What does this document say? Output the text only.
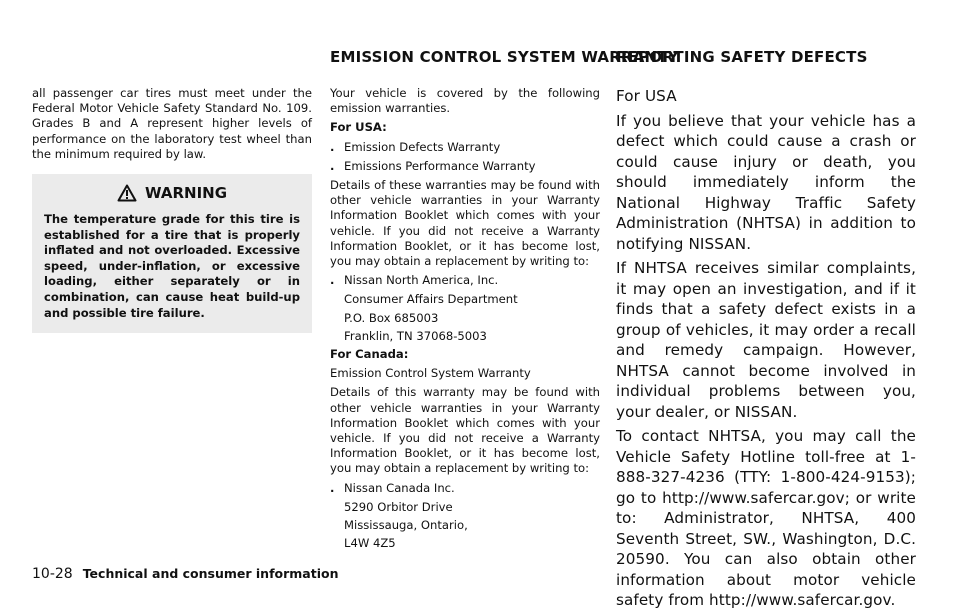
EMISSION CONTROL SYSTEM WARRANTY
REPORTING SAFETY DEFECTS

all passenger car tires must meet under the Federal Motor Vehicle Safety Standard No. 109. Grades B and A represent higher levels of performance on the laboratory test wheel than the minimum required by law.

WARNING

The temperature grade for this tire is established for a tire that is properly inflated and not overloaded. Excessive speed, under-inflation, or excessive loading, either separately or in combination, can cause heat build-up and possible tire failure.

Your vehicle is covered by the following emission warranties.

For USA:

. Emission Defects Warranty
. Emissions Performance Warranty

Details of these warranties may be found with other vehicle warranties in your Warranty Information Booklet which comes with your vehicle. If you did not receive a Warranty Information Booklet, or it has become lost, you may obtain a replacement by writing to:

. Nissan North America, Inc.
Consumer Affairs Department
P.O. Box 685003
Franklin, TN 37068-5003

For Canada:

Emission Control System Warranty

Details of this warranty may be found with other vehicle warranties in your Warranty Information Booklet which comes with your vehicle. If you did not receive a Warranty Information Booklet, or it has become lost, you may obtain a replacement by writing to:

. Nissan Canada Inc.
5290 Orbitor Drive
Mississauga, Ontario,
L4W 4Z5

For USA

If you believe that your vehicle has a defect which could cause a crash or could cause injury or death, you should immediately inform the National Highway Traffic Safety Administration (NHTSA) in addition to notifying NISSAN.

If NHTSA receives similar complaints, it may open an investigation, and if it finds that a safety defect exists in a group of vehicles, it may order a recall and remedy campaign. However, NHTSA cannot become involved in individual problems between you, your dealer, or NISSAN.

To contact NHTSA, you may call the Vehicle Safety Hotline toll-free at 1-888-327-4236 (TTY: 1-800-424-9153); go to http://www.safercar.gov; or write to: Administrator, NHTSA, 400 Seventh Street, SW., Washington, D.C. 20590. You can also obtain other information about motor vehicle safety from http://www.safercar.gov.

10-28 Technical and consumer information
